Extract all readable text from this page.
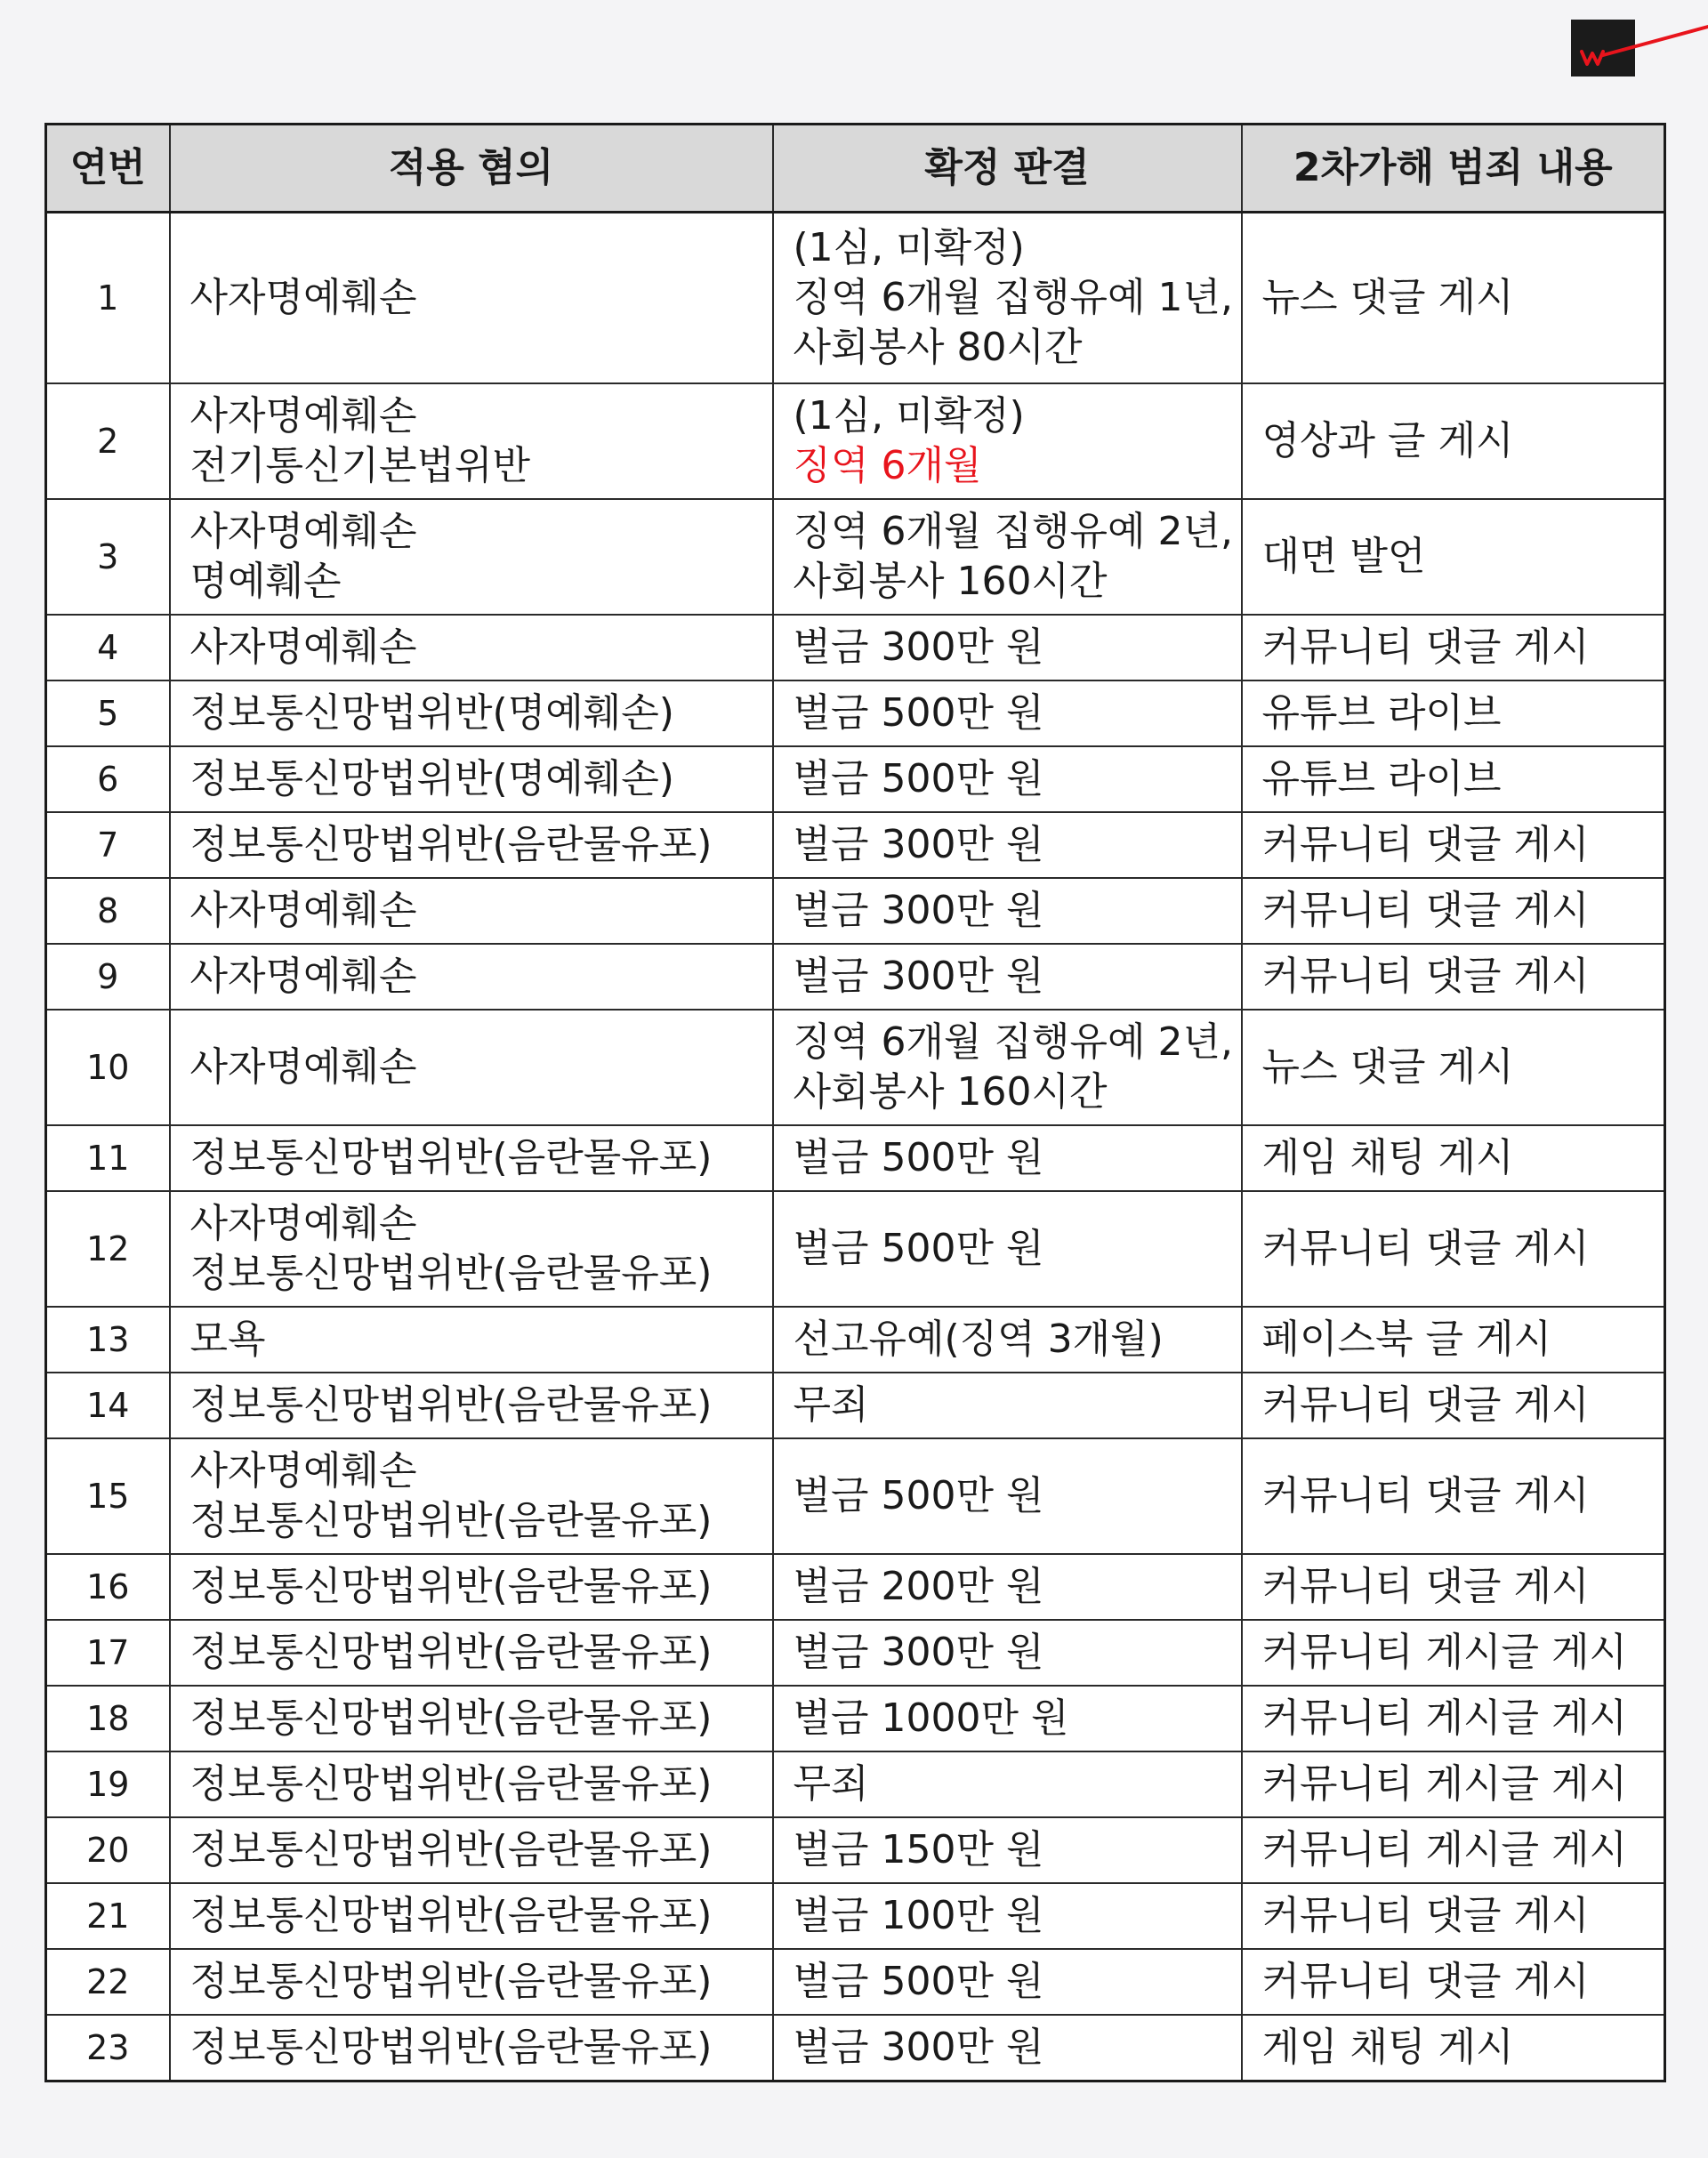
연번	적용 혐의	확정 판결	2차가해 범죄 내용
1	사자명예훼손	(1심, 미확정)
징역 6개월 집행유예 1년,
사회봉사 80시간	뉴스 댓글 게시
2	사자명예훼손
전기통신기본법위반	(1심, 미확정)
징역 6개월	영상과 글 게시
3	사자명예훼손
명예훼손	징역 6개월 집행유예 2년,
사회봉사 160시간	대면 발언
4	사자명예훼손	벌금 300만 원	커뮤니티 댓글 게시
5	정보통신망법위반(명예훼손)	벌금 500만 원	유튜브 라이브
6	정보통신망법위반(명예훼손)	벌금 500만 원	유튜브 라이브
7	정보통신망법위반(음란물유포)	벌금 300만 원	커뮤니티 댓글 게시
8	사자명예훼손	벌금 300만 원	커뮤니티 댓글 게시
9	사자명예훼손	벌금 300만 원	커뮤니티 댓글 게시
10	사자명예훼손	징역 6개월 집행유예 2년,
사회봉사 160시간	뉴스 댓글 게시
11	정보통신망법위반(음란물유포)	벌금 500만 원	게임 채팅 게시
12	사자명예훼손
정보통신망법위반(음란물유포)	벌금 500만 원	커뮤니티 댓글 게시
13	모욕	선고유예(징역 3개월)	페이스북 글 게시
14	정보통신망법위반(음란물유포)	무죄	커뮤니티 댓글 게시
15	사자명예훼손
정보통신망법위반(음란물유포)	벌금 500만 원	커뮤니티 댓글 게시
16	정보통신망법위반(음란물유포)	벌금 200만 원	커뮤니티 댓글 게시
17	정보통신망법위반(음란물유포)	벌금 300만 원	커뮤니티 게시글 게시
18	정보통신망법위반(음란물유포)	벌금 1000만 원	커뮤니티 게시글 게시
19	정보통신망법위반(음란물유포)	무죄	커뮤니티 게시글 게시
20	정보통신망법위반(음란물유포)	벌금 150만 원	커뮤니티 게시글 게시
21	정보통신망법위반(음란물유포)	벌금 100만 원	커뮤니티 댓글 게시
22	정보통신망법위반(음란물유포)	벌금 500만 원	커뮤니티 댓글 게시
23	정보통신망법위반(음란물유포)	벌금 300만 원	게임 채팅 게시
